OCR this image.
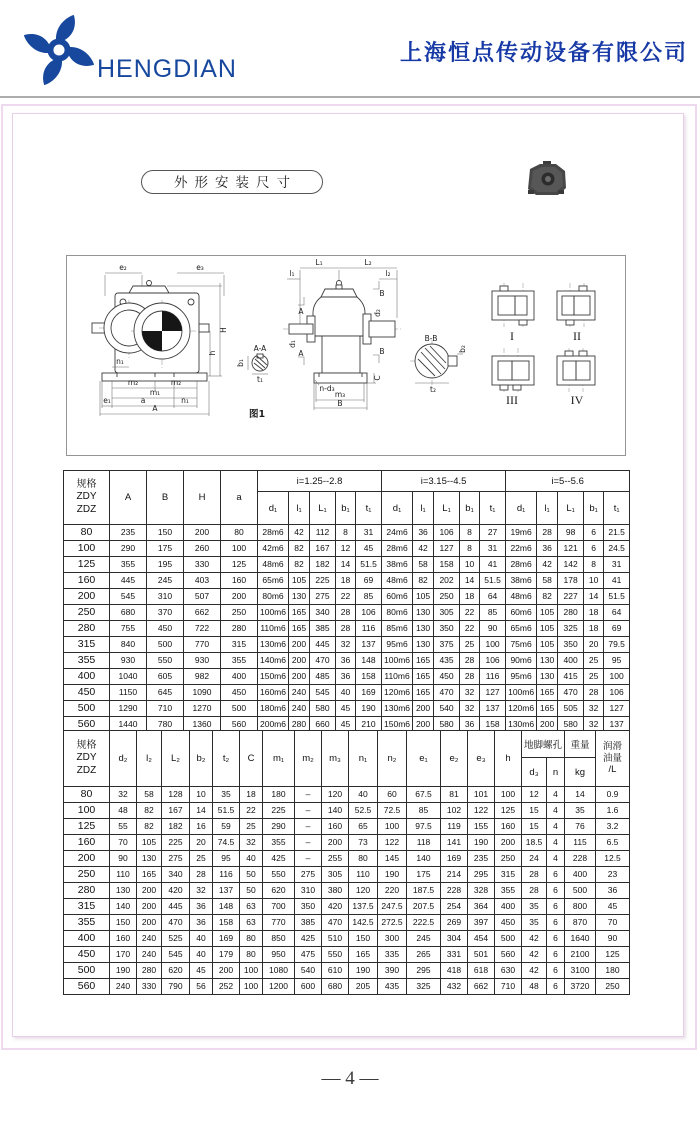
HENGDIAN
上海恒点传动设备有限公司
外形安装尺寸
e₂	e₃
H
h
n₁
m₂	m₂
m₁
e₁	a	n₁
A
A-A
b₁
t₁
图1
L₁	L₂
l₁	l₂
B
A
d₁
d₂
A	B
C
n-d₃
m₃
B
B-B
b₂
t₂
I	II
III	IV
规格
ZDY
ZDZ	A	B	H	a	i=1.25--2.8					i=3.15--4.5					i=5--5.6				
					d₁	l₁	L₁	b₁	t₁	d₁	l₁	L₁	b₁	t₁	d₁	l₁	L₁	b₁	t₁
80	235	150	200	80	28m6	42	112	8	31	24m6	36	106	8	27	19m6	28	98	6	21.5
100	290	175	260	100	42m6	82	167	12	45	28m6	42	127	8	31	22m6	36	121	6	24.5
125	355	195	330	125	48m6	82	182	14	51.5	38m6	58	158	10	41	28m6	42	142	8	31
160	445	245	403	160	65m6	105	225	18	69	48m6	82	202	14	51.5	38m6	58	178	10	41
200	545	310	507	200	80m6	130	275	22	85	60m6	105	250	18	64	48m6	82	227	14	51.5
250	680	370	662	250	100m6	165	340	28	106	80m6	130	305	22	85	60m6	105	280	18	64
280	755	450	722	280	110m6	165	385	28	116	85m6	130	350	22	90	65m6	105	325	18	69
315	840	500	770	315	130m6	200	445	32	137	95m6	130	375	25	100	75m6	105	350	20	79.5
355	930	550	930	355	140m6	200	470	36	148	100m6	165	435	28	106	90m6	130	400	25	95
400	1040	605	982	400	150m6	200	485	36	158	110m6	165	450	28	116	95m6	130	415	25	100
450	1150	645	1090	450	160m6	240	545	40	169	120m6	165	470	32	127	100m6	165	470	28	106
500	1290	710	1270	500	180m6	240	580	45	190	130m6	200	540	32	137	120m6	165	505	32	127
560	1440	780	1360	560	200m6	280	660	45	210	150m6	200	580	36	158	130m6	200	580	32	137
规格
ZDY
ZDZ
	d₂	l₂	L₂	b₂	t₂	C	m₁	m₂	m₃	n₁	n₂	e₁	e₂	e₃	h	地脚螺孔	重量	润滑
油量
/L

																d₃	n	kg	
80	32	58	128	10	35	18	180	–	120	40	60	67.5	81	101	100	12	4	14	0.9
100	48	82	167	14	51.5	22	225	–	140	52.5	72.5	85	102	122	125	15	4	35	1.6
125	55	82	182	16	59	25	290	–	160	65	100	97.5	119	155	160	15	4	76	3.2
160	70	105	225	20	74.5	32	355	–	200	73	122	118	141	190	200	18.5	4	115	6.5
200	90	130	275	25	95	40	425	–	255	80	145	140	169	235	250	24	4	228	12.5
250	110	165	340	28	116	50	550	275	305	110	190	175	214	295	315	28	6	400	23
280	130	200	420	32	137	50	620	310	380	120	220	187.5	228	328	355	28	6	500	36
315	140	200	445	36	148	63	700	350	420	137.5	247.5	207.5	254	364	400	35	6	800	45
355	150	200	470	36	158	63	770	385	470	142.5	272.5	222.5	269	397	450	35	6	870	70
400	160	240	525	40	169	80	850	425	510	150	300	245	304	454	500	42	6	1640	90
450	170	240	545	40	179	80	950	475	550	165	335	265	331	501	560	42	6	2100	125
500	190	280	620	45	200	100	1080	540	610	190	390	295	418	618	630	42	6	3100	180
560	240	330	790	56	252	100	1200	600	680	205	435	325	432	662	710	48	6	3720	250
— 4 —
